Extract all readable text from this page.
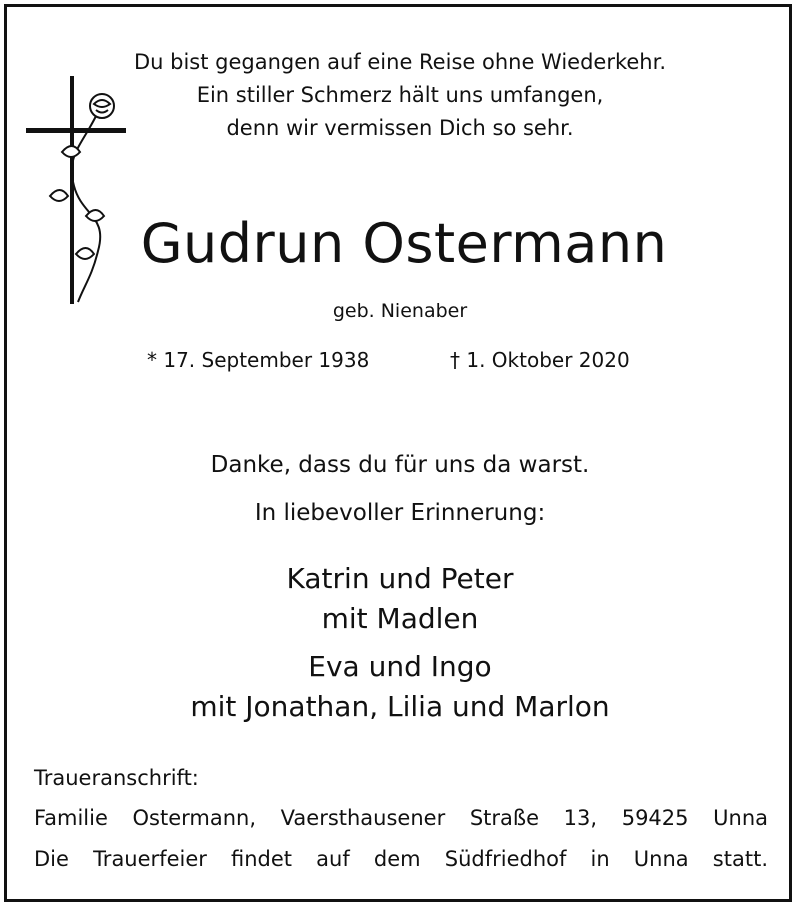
Du bist gegangen auf eine Reise ohne Wiederkehr.
Ein stiller Schmerz hält uns umfangen,
denn wir vermissen Dich so sehr.
Gudrun Ostermann
geb. Nienaber
* 17. September 1938	† 1. Oktober 2020
Danke, dass du für uns da warst.
In liebevoller Erinnerung:
Katrin und Peter
mit Madlen
Eva und Ingo
mit Jonathan, Lilia und Marlon
Traueranschrift:
Familie Ostermann, Vaersthausener Straße 13, 59425 Unna
Die Trauerfeier findet auf dem Südfriedhof in Unna statt.
